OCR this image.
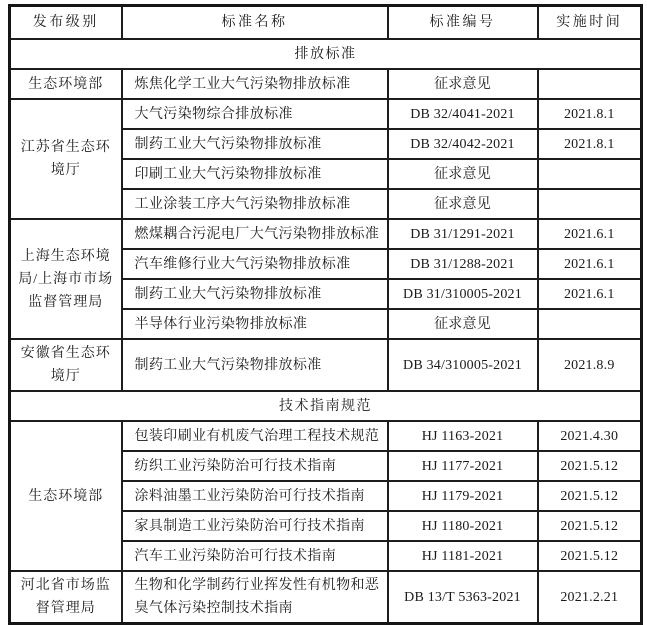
发布级别	标准名称	标准编号	实施时间
排放标准			
生态环境部	炼焦化学工业大气污染物排放标准	征求意见	
江苏省生态环境厅	大气污染物综合排放标准	DB 32/4041-2021	2021.8.1
	制药工业大气污染物排放标准	DB 32/4042-2021	2021.8.1
	印刷工业大气污染物排放标准	征求意见	
	工业涂装工序大气污染物排放标准	征求意见	
上海生态环境局/上海市市场监督管理局	燃煤耦合污泥电厂大气污染物排放标准	DB 31/1291-2021	2021.6.1
	汽车维修行业大气污染物排放标准	DB 31/1288-2021	2021.6.1
	制药工业大气污染物排放标准	DB 31/310005-2021	2021.6.1
	半导体行业污染物排放标准	征求意见	
安徽省生态环境厅	制药工业大气污染物排放标准	DB 34/310005-2021	2021.8.9
技术指南规范			
生态环境部	包装印刷业有机废气治理工程技术规范	HJ 1163-2021	2021.4.30
	纺织工业污染防治可行技术指南	HJ 1177-2021	2021.5.12
	涂料油墨工业污染防治可行技术指南	HJ 1179-2021	2021.5.12
	家具制造工业污染防治可行技术指南	HJ 1180-2021	2021.5.12
	汽车工业污染防治可行技术指南	HJ 1181-2021	2021.5.12
河北省市场监督管理局	生物和化学制药行业挥发性有机物和恶臭气体污染控制技术指南	DB 13/T 5363-2021	2021.2.21
